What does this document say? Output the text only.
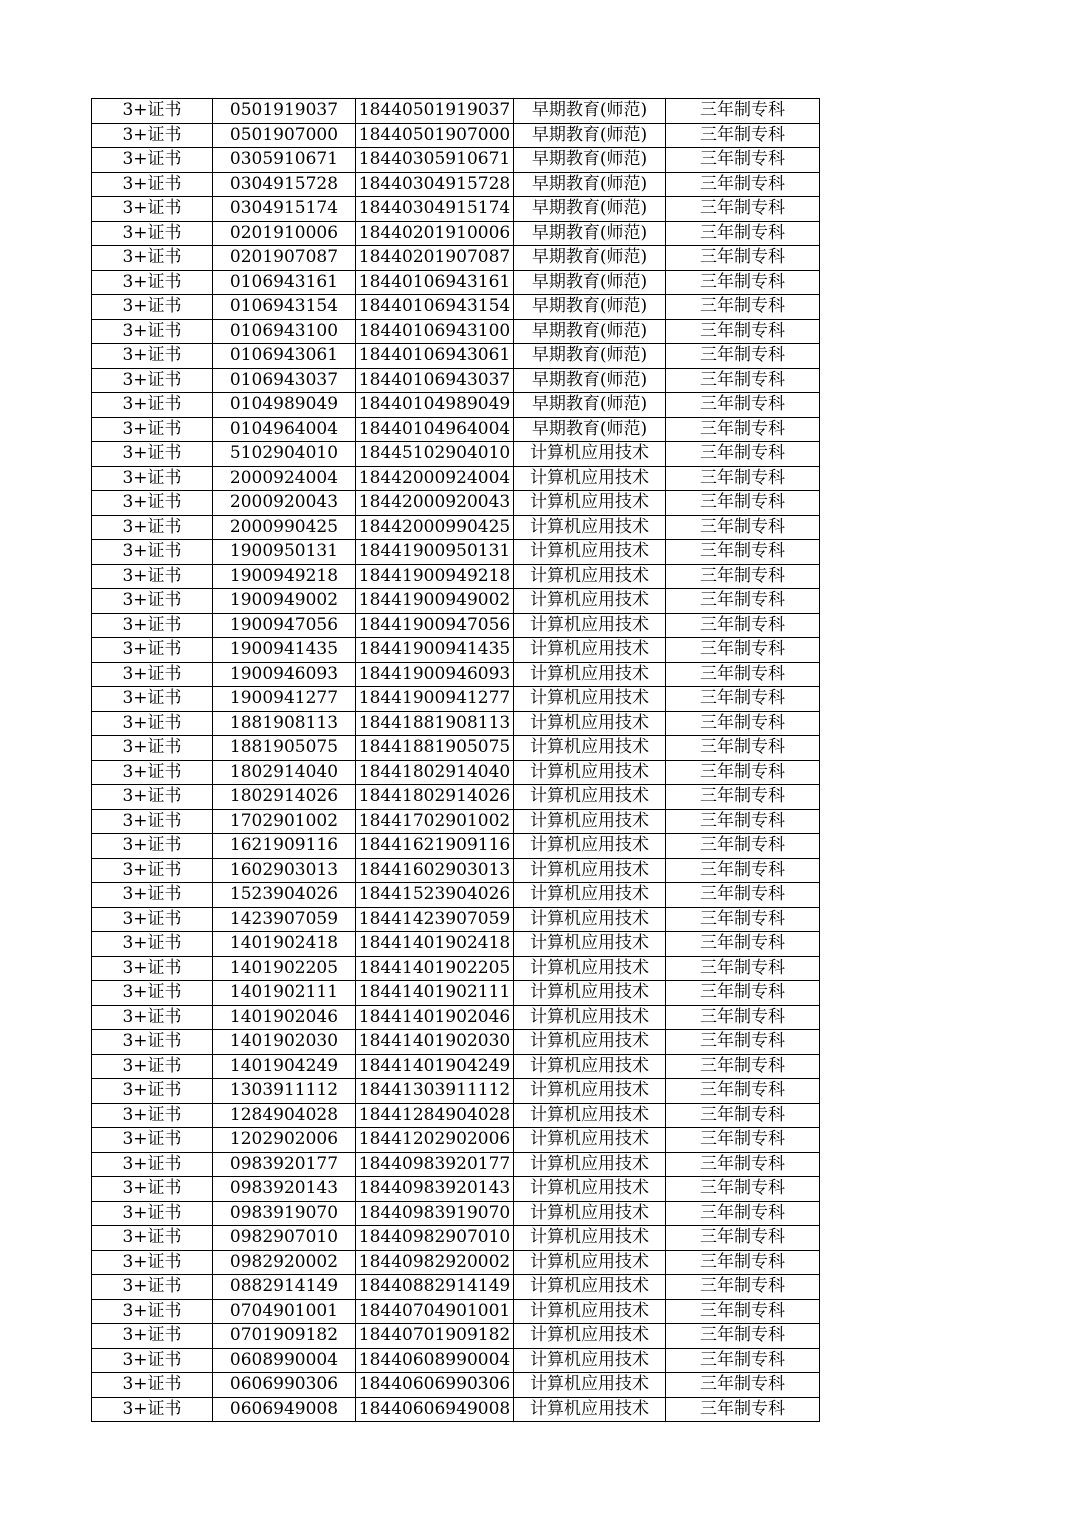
3+证书	0501919037	18440501919037	早期教育(师范)	三年制专科
3+证书	0501907000	18440501907000	早期教育(师范)	三年制专科
3+证书	0305910671	18440305910671	早期教育(师范)	三年制专科
3+证书	0304915728	18440304915728	早期教育(师范)	三年制专科
3+证书	0304915174	18440304915174	早期教育(师范)	三年制专科
3+证书	0201910006	18440201910006	早期教育(师范)	三年制专科
3+证书	0201907087	18440201907087	早期教育(师范)	三年制专科
3+证书	0106943161	18440106943161	早期教育(师范)	三年制专科
3+证书	0106943154	18440106943154	早期教育(师范)	三年制专科
3+证书	0106943100	18440106943100	早期教育(师范)	三年制专科
3+证书	0106943061	18440106943061	早期教育(师范)	三年制专科
3+证书	0106943037	18440106943037	早期教育(师范)	三年制专科
3+证书	0104989049	18440104989049	早期教育(师范)	三年制专科
3+证书	0104964004	18440104964004	早期教育(师范)	三年制专科
3+证书	5102904010	18445102904010	计算机应用技术	三年制专科
3+证书	2000924004	18442000924004	计算机应用技术	三年制专科
3+证书	2000920043	18442000920043	计算机应用技术	三年制专科
3+证书	2000990425	18442000990425	计算机应用技术	三年制专科
3+证书	1900950131	18441900950131	计算机应用技术	三年制专科
3+证书	1900949218	18441900949218	计算机应用技术	三年制专科
3+证书	1900949002	18441900949002	计算机应用技术	三年制专科
3+证书	1900947056	18441900947056	计算机应用技术	三年制专科
3+证书	1900941435	18441900941435	计算机应用技术	三年制专科
3+证书	1900946093	18441900946093	计算机应用技术	三年制专科
3+证书	1900941277	18441900941277	计算机应用技术	三年制专科
3+证书	1881908113	18441881908113	计算机应用技术	三年制专科
3+证书	1881905075	18441881905075	计算机应用技术	三年制专科
3+证书	1802914040	18441802914040	计算机应用技术	三年制专科
3+证书	1802914026	18441802914026	计算机应用技术	三年制专科
3+证书	1702901002	18441702901002	计算机应用技术	三年制专科
3+证书	1621909116	18441621909116	计算机应用技术	三年制专科
3+证书	1602903013	18441602903013	计算机应用技术	三年制专科
3+证书	1523904026	18441523904026	计算机应用技术	三年制专科
3+证书	1423907059	18441423907059	计算机应用技术	三年制专科
3+证书	1401902418	18441401902418	计算机应用技术	三年制专科
3+证书	1401902205	18441401902205	计算机应用技术	三年制专科
3+证书	1401902111	18441401902111	计算机应用技术	三年制专科
3+证书	1401902046	18441401902046	计算机应用技术	三年制专科
3+证书	1401902030	18441401902030	计算机应用技术	三年制专科
3+证书	1401904249	18441401904249	计算机应用技术	三年制专科
3+证书	1303911112	18441303911112	计算机应用技术	三年制专科
3+证书	1284904028	18441284904028	计算机应用技术	三年制专科
3+证书	1202902006	18441202902006	计算机应用技术	三年制专科
3+证书	0983920177	18440983920177	计算机应用技术	三年制专科
3+证书	0983920143	18440983920143	计算机应用技术	三年制专科
3+证书	0983919070	18440983919070	计算机应用技术	三年制专科
3+证书	0982907010	18440982907010	计算机应用技术	三年制专科
3+证书	0982920002	18440982920002	计算机应用技术	三年制专科
3+证书	0882914149	18440882914149	计算机应用技术	三年制专科
3+证书	0704901001	18440704901001	计算机应用技术	三年制专科
3+证书	0701909182	18440701909182	计算机应用技术	三年制专科
3+证书	0608990004	18440608990004	计算机应用技术	三年制专科
3+证书	0606990306	18440606990306	计算机应用技术	三年制专科
3+证书	0606949008	18440606949008	计算机应用技术	三年制专科
